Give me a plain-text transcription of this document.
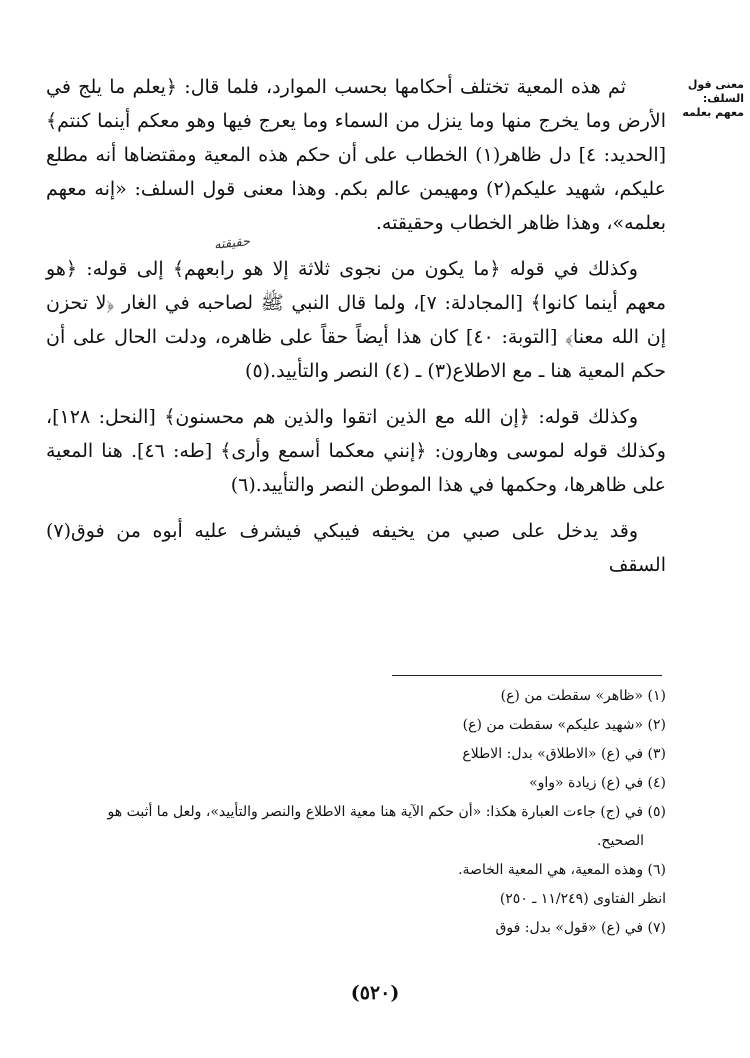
معنى قول السلف: معهم بعلمه

ثم هذه المعية تختلف أحكامها بحسب الموارد، فلما قال: ﴿يعلم ما يلج في الأرض وما يخرج منها وما ينزل من السماء وما يعرج فيها وهو معكم أينما كنتم﴾ [الحديد: ٤] دل ظاهر(١) الخطاب على أن حكم هذه المعية ومقتضاها أنه مطلع عليكم، شهيد عليكم(٢) ومهيمن عالم بكم. وهذا معنى قول السلف: «إنه معهم بعلمه»، وهذا ظاهر الخطاب وحقيقته.

وكذلك في قوله ﴿ما يكون من نجوى ثلاثة إلا هو رابعهم﴾ إلى قوله: ﴿هو معهم أينما كانوا﴾ [المجادلة: ٧]، ولما قال النبي ﷺ لصاحبه في الغار ﴿لا تحزن إن الله معنا﴾ [التوبة: ٤٠] كان هذا أيضاً حقاً على ظاهره، ودلت الحال على أن حكم المعية هنا ـ مع الاطلاع(٣) ـ (٤) النصر والتأييد.(٥)

وكذلك قوله: ﴿إن الله مع الذين اتقوا والذين هم محسنون﴾ [النحل: ١٢٨]، وكذلك قوله لموسى وهارون: ﴿إنني معكما أسمع وأرى﴾ [طه: ٤٦]. هنا المعية على ظاهرها، وحكمها في هذا الموطن النصر والتأييد.(٦)

وقد يدخل على صبي من يخيفه فيبكي فيشرف عليه أبوه من فوق(٧) السقف

حقيقته

(١) «ظاهر» سقطت من (ع)

(٢) «شهيد عليكم» سقطت من (ع)

(٣) في (ع) «الاطلاق» بدل: الاطلاع

(٤) في (ع) زيادة «واو»

(٥) في (ج) جاءت العبارة هكذا: «أن حكم الآية هنا معية الاطلاع والنصر والتأييد»، ولعل ما أثبت هو

الصحيح.

(٦) وهذه المعية، هي المعية الخاصة.

انظر الفتاوى (١١/٢٤٩ ـ ٢٥٠)

(٧) في (ع) «قول» بدل: فوق

(٥٢٠)
